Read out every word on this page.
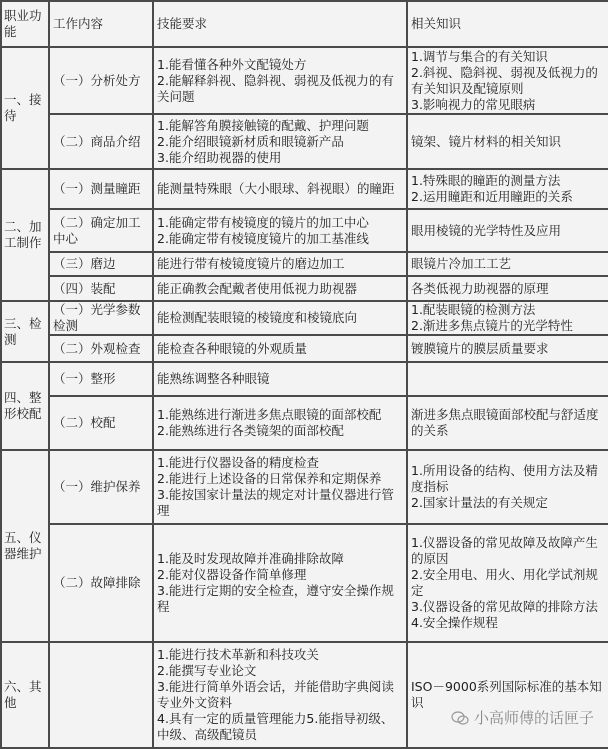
职业功能	工作内容	技能要求	相关知识

一、接待	（一）分析处方	1.能看懂各种外文配镜处方
2.能解释斜视、隐斜视、弱视及低视力的有关问题	1.调节与集合的有关知识
2.斜视、隐斜视、弱视及低视力的有关知识及配镜原则
3.影响视力的常见眼病

	（二）商品介绍	1.能解答角膜接触镜的配戴、护理问题
2.能介绍眼镜新材质和眼镜新产品
3.能介绍助视器的使用	镜架、镜片材料的相关知识

二、加工制作	（一）测量瞳距	能测量特殊眼（大小眼球、斜视眼）的瞳距	1.特殊眼的瞳距的测量方法
2.运用瞳距和近用瞳距的关系

	（二）确定加工中心	1.能确定带有棱镜度的镜片的加工中心
2.能确定带有棱镜度镜片的加工基准线	眼用棱镜的光学特性及应用

	（三）磨边	能进行带有棱镜度镜片的磨边加工	眼镜片冷加工工艺

	（四）装配	能正确教会配戴者使用低视力助视器	各类低视力助视器的原理

三、检测	（一）光学参数检测	能检测配装眼镜的棱镜度和棱镜底向	1.配装眼镜的检测方法
2.渐进多焦点镜片的光学特性

	（二）外观检查	能检查各种眼镜的外观质量	镀膜镜片的膜层质量要求

四、整形校配	（一）整形	能熟练调整各种眼镜	

	（二）校配	1.能熟练进行渐进多焦点眼镜的面部校配
2.能熟练进行各类镜架的面部校配	渐进多焦点眼镜面部校配与舒适度的关系

五、仪器维护	（一）维护保养	1.能进行仪器设备的精度检查
2.能进行上述设备的日常保养和定期保养
3.能按国家计量法的规定对计量仪器进行管理	1.所用设备的结构、使用方法及精度指标
2.国家计量法的有关规定

	（二）故障排除	1.能及时发现故障并准确排除故障
2.能对仪器设备作简单修理
3.能进行定期的安全检查，遵守安全操作规程	1.仪器设备的常见故障及故障产生的原因
2.安全用电、用火、用化学试剂规定
3.仪器设备的常见故障的排除方法
4.安全操作规程

六、其他		1.能进行技术革新和科技攻关
2.能撰写专业论文
3.能进行简单外语会话，并能借助字典阅读专业外文资料
4.具有一定的质量管理能力5.能指导初级、中级、高级配镜员	ISO－9000系列国际标准的基本知识
小高师傅的话匣子
